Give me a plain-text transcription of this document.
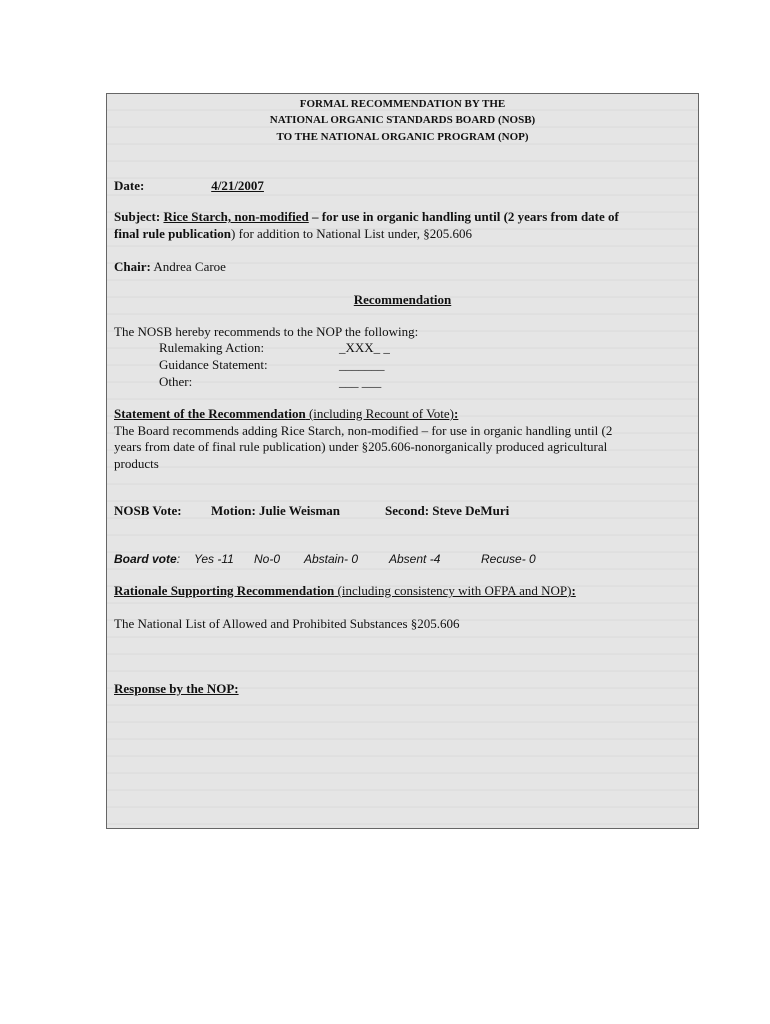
FORMAL RECOMMENDATION BY THE
NATIONAL ORGANIC STANDARDS BOARD (NOSB)
TO THE NATIONAL ORGANIC PROGRAM (NOP)
Date:	4/21/2007
Subject: Rice Starch, non-modified – for use in organic handling until (2 years from date of
final rule publication) for addition to National List under, §205.606
Chair: Andrea Caroe
Recommendation
The NOSB hereby recommends to the NOP the following:
Rulemaking Action:	_XXX_ _
Guidance Statement:	_______
Other:	___ ___
Statement of the Recommendation (including Recount of Vote):
The Board recommends adding Rice Starch, non-modified – for use in organic handling until (2
years from date of final rule publication) under §205.606-nonorganically produced agricultural
products
NOSB Vote: Motion: Julie Weisman	Second: Steve DeMuri
Board vote: Yes -11 No-0 Abstain- 0	Absent -4	Recuse- 0
Rationale Supporting Recommendation (including consistency with OFPA and NOP):
The National List of Allowed and Prohibited Substances §205.606
Response by the NOP:
